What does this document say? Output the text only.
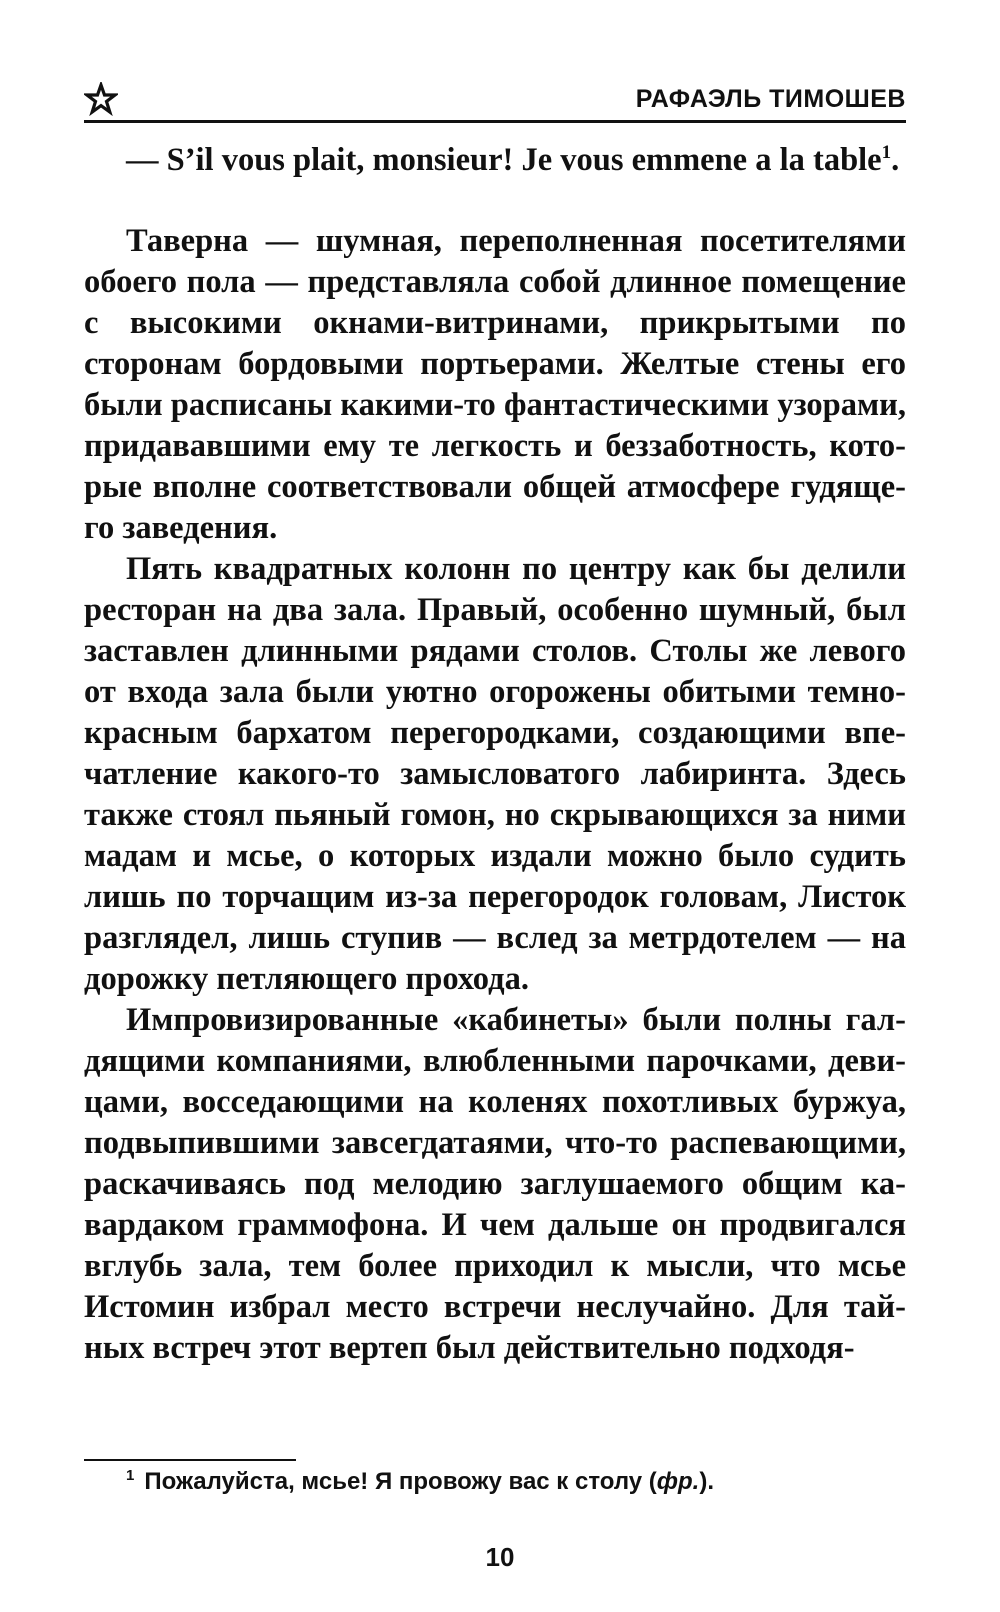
РАФАЭЛЬ ТИМОШЕВ

— S’il vous plait, monsieur! Je vous emmene a la table$^1$.

Таверна — шумная, переполненная посетителями обоего пола — представляла собой длинное помещение с высокими окнами-витринами, прикрытыми по сторонам бордовыми портьерами. Желтые стены его были расписаны какими-то фантастическими узорами, придававшими ему те легкость и беззаботность, которые вполне соответствовали общей атмосфере гудящего заведения.

Пять квадратных колонн по центру как бы делили ресторан на два зала. Правый, особенно шумный, был заставлен длинными рядами столов. Столы же левого от входа зала были уютно огорожены обитыми темнокрасным бархатом перегородками, создающими впечатление какого-то замысловатого лабиринта. Здесь также стоял пьяный гомон, но скрывающихся за ними мадам и мсье, о которых издали можно было судить лишь по торчащим из-за перегородок головам, Листок разглядел, лишь ступив — вслед за метрдотелем — на дорожку петляющего прохода.

Импровизированные «кабинеты» были полны галдящими компаниями, влюбленными парочками, девицами, восседающими на коленях похотливых буржуа, подвыпившими завсегдатаями, что-то распевающими, раскачиваясь под мелодию заглушаемого общим кавардаком граммофона. И чем дальше он продвигался вглубь зала, тем более приходил к мысли, что мсье Истомин избрал место встречи неслучайно. Для тайных встреч этот вертеп был действительно подходя-

$^1$ Пожалуйста, мсье! Я провожу вас к столу (фр.).
10
